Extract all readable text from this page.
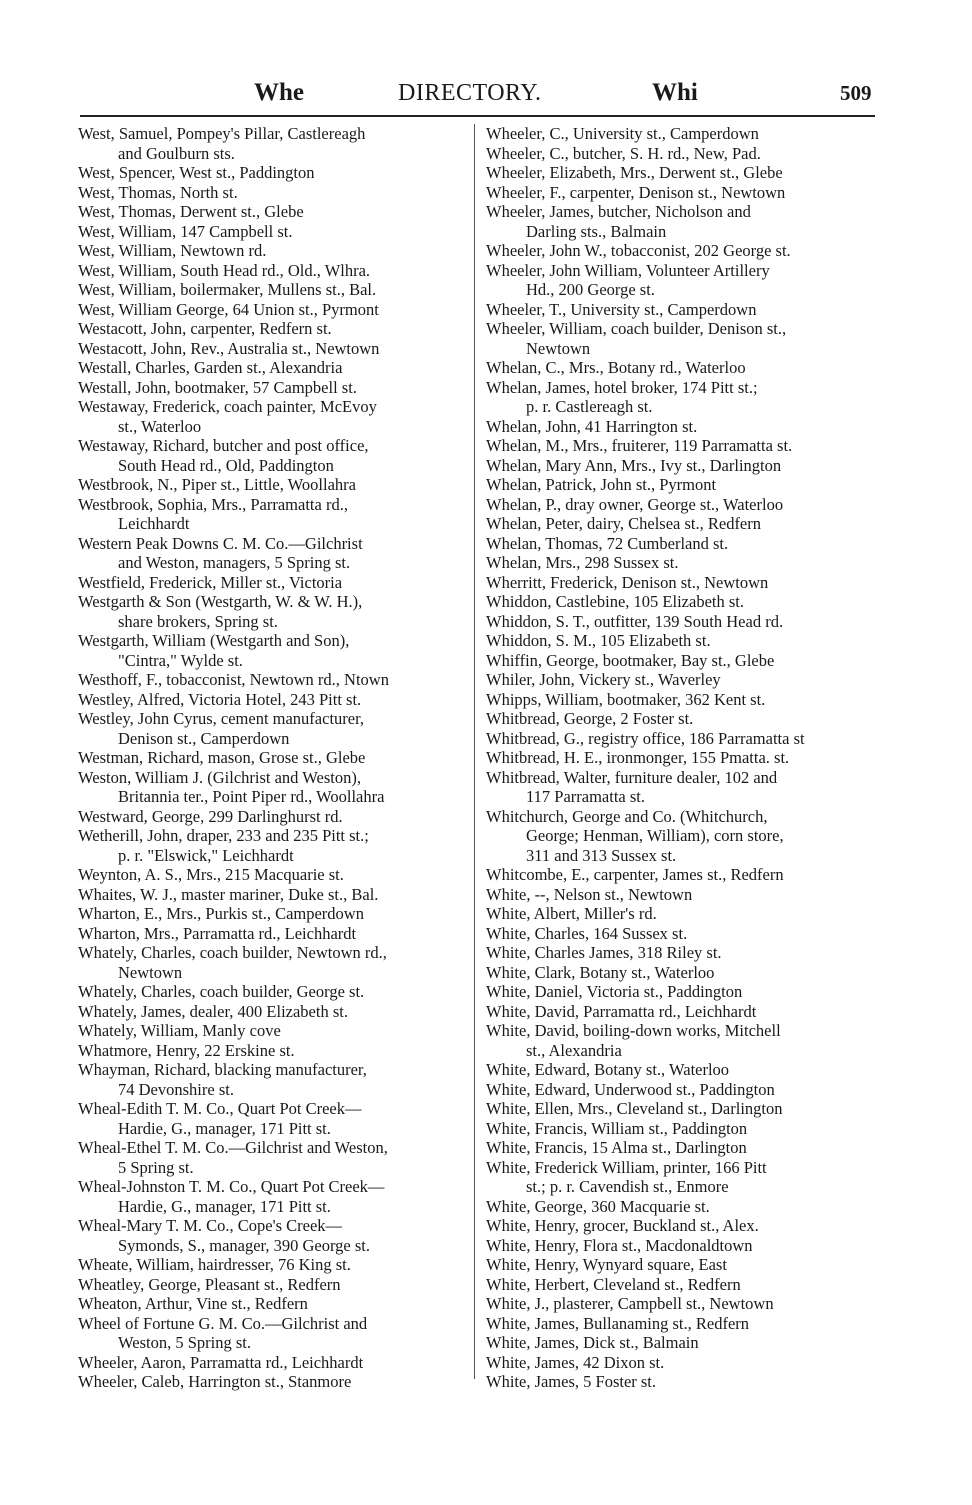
Whe	DIRECTORY.	Whi	509
West, Samuel, Pompey's Pillar, Castlereagh
and Goulburn sts.
West, Spencer, West st., Paddington
West, Thomas, North st.
West, Thomas, Derwent st., Glebe
West, William, 147 Campbell st.
West, William, Newtown rd.
West, William, South Head rd., Old., Wlhra.
West, William, boilermaker, Mullens st., Bal.
West, William George, 64 Union st., Pyrmont
Westacott, John, carpenter, Redfern st.
Westacott, John, Rev., Australia st., Newtown
Westall, Charles, Garden st., Alexandria
Westall, John, bootmaker, 57 Campbell st.
Westaway, Frederick, coach painter, McEvoy
st., Waterloo
Westaway, Richard, butcher and post office,
South Head rd., Old, Paddington
Westbrook, N., Piper st., Little, Woollahra
Westbrook, Sophia, Mrs., Parramatta rd.,
Leichhardt
Western Peak Downs C. M. Co.—Gilchrist
and Weston, managers, 5 Spring st.
Westfield, Frederick, Miller st., Victoria
Westgarth & Son (Westgarth, W. & W. H.),
share brokers, Spring st.
Westgarth, William (Westgarth and Son),
"Cintra," Wylde st.
Westhoff, F., tobacconist, Newtown rd., Ntown
Westley, Alfred, Victoria Hotel, 243 Pitt st.
Westley, John Cyrus, cement manufacturer,
Denison st., Camperdown
Westman, Richard, mason, Grose st., Glebe
Weston, William J. (Gilchrist and Weston),
Britannia ter., Point Piper rd., Woollahra
Westward, George, 299 Darlinghurst rd.
Wetherill, John, draper, 233 and 235 Pitt st.;
p. r. "Elswick," Leichhardt
Weynton, A. S., Mrs., 215 Macquarie st.
Whaites, W. J., master mariner, Duke st., Bal.
Wharton, E., Mrs., Purkis st., Camperdown
Wharton, Mrs., Parramatta rd., Leichhardt
Whately, Charles, coach builder, Newtown rd.,
Newtown
Whately, Charles, coach builder, George st.
Whately, James, dealer, 400 Elizabeth st.
Whately, William, Manly cove
Whatmore, Henry, 22 Erskine st.
Whayman, Richard, blacking manufacturer,
74 Devonshire st.
Wheal-Edith T. M. Co., Quart Pot Creek—
Hardie, G., manager, 171 Pitt st.
Wheal-Ethel T. M. Co.—Gilchrist and Weston,
5 Spring st.
Wheal-Johnston T. M. Co., Quart Pot Creek—
Hardie, G., manager, 171 Pitt st.
Wheal-Mary T. M. Co., Cope's Creek—
Symonds, S., manager, 390 George st.
Wheate, William, hairdresser, 76 King st.
Wheatley, George, Pleasant st., Redfern
Wheaton, Arthur, Vine st., Redfern
Wheel of Fortune G. M. Co.—Gilchrist and
Weston, 5 Spring st.
Wheeler, Aaron, Parramatta rd., Leichhardt
Wheeler, Caleb, Harrington st., Stanmore
Wheeler, C., University st., Camperdown
Wheeler, C., butcher, S. H. rd., New, Pad.
Wheeler, Elizabeth, Mrs., Derwent st., Glebe
Wheeler, F., carpenter, Denison st., Newtown
Wheeler, James, butcher, Nicholson and
Darling sts., Balmain
Wheeler, John W., tobacconist, 202 George st.
Wheeler, John William, Volunteer Artillery
Hd., 200 George st.
Wheeler, T., University st., Camperdown
Wheeler, William, coach builder, Denison st.,
Newtown
Whelan, C., Mrs., Botany rd., Waterloo
Whelan, James, hotel broker, 174 Pitt st.;
p. r. Castlereagh st.
Whelan, John, 41 Harrington st.
Whelan, M., Mrs., fruiterer, 119 Parramatta st.
Whelan, Mary Ann, Mrs., Ivy st., Darlington
Whelan, Patrick, John st., Pyrmont
Whelan, P., dray owner, George st., Waterloo
Whelan, Peter, dairy, Chelsea st., Redfern
Whelan, Thomas, 72 Cumberland st.
Whelan, Mrs., 298 Sussex st.
Wherritt, Frederick, Denison st., Newtown
Whiddon, Castlebine, 105 Elizabeth st.
Whiddon, S. T., outfitter, 139 South Head rd.
Whiddon, S. M., 105 Elizabeth st.
Whiffin, George, bootmaker, Bay st., Glebe
Whiler, John, Vickery st., Waverley
Whipps, William, bootmaker, 362 Kent st.
Whitbread, George, 2 Foster st.
Whitbread, G., registry office, 186 Parramatta st
Whitbread, H. E., ironmonger, 155 Pmatta. st.
Whitbread, Walter, furniture dealer, 102 and
117 Parramatta st.
Whitchurch, George and Co. (Whitchurch,
George; Henman, William), corn store,
311 and 313 Sussex st.
Whitcombe, E., carpenter, James st., Redfern
White, --, Nelson st., Newtown
White, Albert, Miller's rd.
White, Charles, 164 Sussex st.
White, Charles James, 318 Riley st.
White, Clark, Botany st., Waterloo
White, Daniel, Victoria st., Paddington
White, David, Parramatta rd., Leichhardt
White, David, boiling-down works, Mitchell
st., Alexandria
White, Edward, Botany st., Waterloo
White, Edward, Underwood st., Paddington
White, Ellen, Mrs., Cleveland st., Darlington
White, Francis, William st., Paddington
White, Francis, 15 Alma st., Darlington
White, Frederick William, printer, 166 Pitt
st.; p. r. Cavendish st., Enmore
White, George, 360 Macquarie st.
White, Henry, grocer, Buckland st., Alex.
White, Henry, Flora st., Macdonaldtown
White, Henry, Wynyard square, East
White, Herbert, Cleveland st., Redfern
White, J., plasterer, Campbell st., Newtown
White, James, Bullanaming st., Redfern
White, James, Dick st., Balmain
White, James, 42 Dixon st.
White, James, 5 Foster st.
